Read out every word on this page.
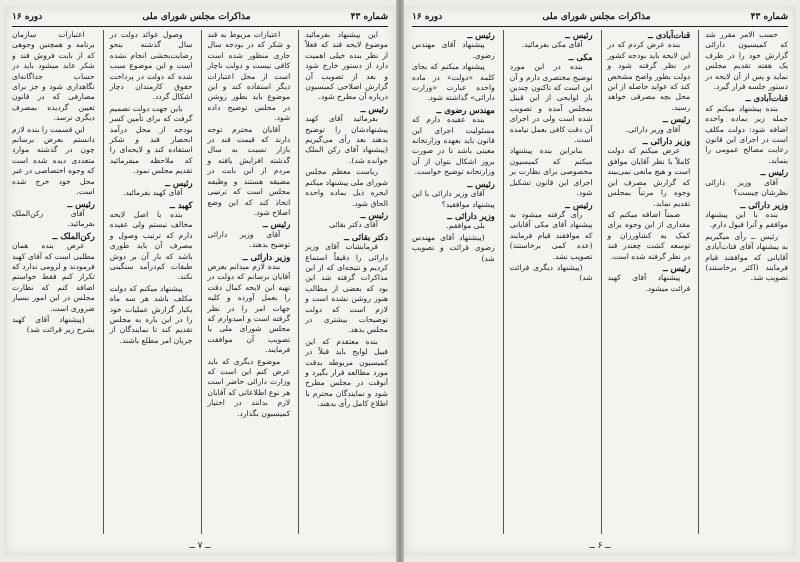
شماره ۴۳
مذاکرات مجلس شورای ملی
دوره ۱۶

این پیشنهاد بفرمائید موضوع لایحه قند که فعلاً از نظر بنده خیلی اهمیت دارد از دستور خارج شود و بعد از تصویب آن گزارش اصلاحی کمیسیون درباره آن مطرح شود.

رئیس ــ

بفرمائید آقای کهبد پیشنهادشان را توضیح بدهند بعد رأی می‌گیریم (پیشنهاد آقای رکن الملک خوانده شد).

ریاست معظم مجلس شورای ملی پیشنهاد میکنم ابجره ذیل بماده واحده الحاق شود.

رئیس ــ

آقای دکتر بقائی

دکتر بقائی ــ

فرمایشات آقای وزیر دارائی را دقیقاً استماع کردیم و نتیجه‌ای که از این مذاکرات گرفته شد این بود که بعضی از مطالب هنوز روشن نشده است و لازم است که دولت توضیحات بیشتری در مجلس بدهد.

بنده معتقدم که این قبیل لوایح باید قبلاً در کمیسیون مربوطه بدقت مورد مطالعه قرار بگیرد و آنوقت در مجلس مطرح شود و نمایندگان محترم با اطلاع کامل رأی بدهند.

اعتبارات مربوط به قند و شکر که در بودجه سال جاری منظور شده است کافی نیست و دولت ناچار است از محل اعتبارات دیگر استفاده کند و این موضوع باید بطور روشن در مجلس توضیح داده شود.

آقایان محترم توجه دارند که قیمت قند در بازار نسبت به سال گذشته افزایش یافته و مردم از این بابت در مضیقه هستند و وظیفه مجلس است که ترتیبی اتخاذ کند که این وضع اصلاح شود.

رئیس ــ

آقای وزیر دارائی توضیح بدهند.

وزیر دارائی ــ

بنده لازم میدانم بعرض آقایان برسانم که دولت در تهیه این لایحه کمال دقت را بعمل آورده و کلیه جهات امر را در نظر گرفته است و امیدوارم که مجلس شورای ملی با تصویب آن موافقت فرمایند.

موضوع دیگری که باید عرض کنم این است که وزارت دارائی حاضر است هر نوع اطلاعاتی که آقایان لازم بدانند در اختیار کمیسیون بگذارد.

وصول عوائد دولت در سال گذشته بنحو رضایت‌بخشی انجام نشده است و این موضوع سبب شده که دولت در پرداخت حقوق کارمندان دچار اشکال گردد.

باین جهت دولت تصمیم گرفت که برای تأمین کسر بودجه از محل درآمد انحصار قند و شکر استفاده کند و لایحه‌ای را که ملاحظه میفرمائید تقدیم مجلس نمود.

رئیس ــ

آقای کهبد بفرمائید.

کهبد ــ

بنده با اصل لایحه مخالف نیستم ولی عقیده دارم که ترتیب وصول و مصرف آن باید طوری باشد که بار آن بر دوش طبقات کم‌درآمد سنگینی نکند.

پیشنهاد میکنم که دولت مکلف باشد هر سه ماه یکبار گزارش عملیات خود را در این باره به مجلس تقدیم کند تا نمایندگان از جریان امر مطلع باشند.

اعتبارات سازمان برنامه و همچنین وجوهی که از بابت فروش قند و شکر عاید میشود باید در حساب جداگانه‌ای نگاهداری شود و جز برای مصارفی که در قانون تعیین گردیده بمصرف دیگری نرسد.

این قسمت را بنده لازم دانستم بعرض برسانم چون در گذشته موارد متعددی دیده شده است که وجوه اختصاصی در غیر محل خود خرج شده است.

رئیس ــ

آقای رکن‌الملک بفرمائید.

رکن‌الملک ــ

عرض بنده همان مطلبی است که آقای کهبد فرمودند و لزومی ندارد که تکرار کنم فقط خواستم اضافه کنم که نظارت مجلس در این امور بسیار ضروری است.

(پیشنهاد آقای کهبد بشرح زیر قرائت شد)

ــ ۷ ــ
شماره ۴۳
مذاکرات مجلس شورای ملی
دوره ۱۶

حسب الامر مقرر شد که کمیسیون دارائی گزارش خود را در ظرف یک هفته تقدیم مجلس نماید و پس از آن لایحه در دستور جلسه قرار گیرد.

قنات‌آبادی ــ

بنده پیشنهاد میکنم که جمله زیر بماده واحده اضافه شود: دولت مکلف است در اجرای این قانون رعایت مصالح عمومی را بنماید.

رئیس ــ

آقای وزیر دارائی نظرشان چیست؟

وزیر دارائی ــ

بنده با این پیشنهاد موافقم و آنرا قبول دارم.

رئیس ــ رأی میگیریم به پیشنهاد آقای قنات‌آبادی آقایانی که موافقند قیام فرمایند (اکثر برخاستند) تصویب شد.

قنات‌آبادی ــ

بنده عرض کردم که در این لایحه باید بودجه کشور در نظر گرفته شود و دولت بطور واضح مشخص کند که عواید حاصله از این محل بچه مصرفی خواهد رسید.

رئیس ــ

آقای وزیر دارائی.

وزیر دارائی ــ

عرض میکنم که دولت کاملاً با نظر آقایان موافق است و هیچ مانعی نمی‌بیند که گزارش مصرف این وجوه را مرتباً بمجلس تقدیم نماید.

ضمناً اضافه میکنم که مقداری از این وجوه برای کمک به کشاورزان و توسعه کشت چغندر قند در نظر گرفته شده است.

رئیس ــ

پیشنهاد آقای کهبد قرائت میشود.

رئیس ــ

آقای مکی بفرمائید.

مکی ــ

بنده در این مورد توضیح مختصری دارم و آن این است که تاکنون چندین بار لوایحی از این قبیل بمجلس آمده و تصویب شده است ولی در اجرای آن دقت کافی بعمل نیامده است.

بنابراین بنده پیشنهاد میکنم که کمیسیون مخصوصی برای نظارت بر اجرای این قانون تشکیل شود.

رئیس ــ

رأی گرفته میشود به پیشنهاد آقای مکی آقایانی که موافقند قیام فرمایند (عده کمی برخاستند) تصویب نشد.

(پیشنهاد دیگری قرائت شد)

رئیس ــ

پیشنهاد آقای مهندس رضوی.

پیشنهاد میکنم که بجای کلمه «دولت» در ماده واحده عبارت «وزارت دارائی» گذاشته شود.

مهندس رضوی ــ

بنده عقیده دارم که مسئولیت اجرای این قانون باید بعهده وزارتخانه معینی باشد تا در صورت بروز اشکال بتوان از آن وزارتخانه توضیح خواست.

رئیس ــ

آقای وزیر دارائی با این پیشنهاد موافقید؟

وزیر دارائی ــ

بلی موافقم.

(پیشنهاد آقای مهندس رضوی قرائت و تصویب شد)

ــ ۶ ــ
